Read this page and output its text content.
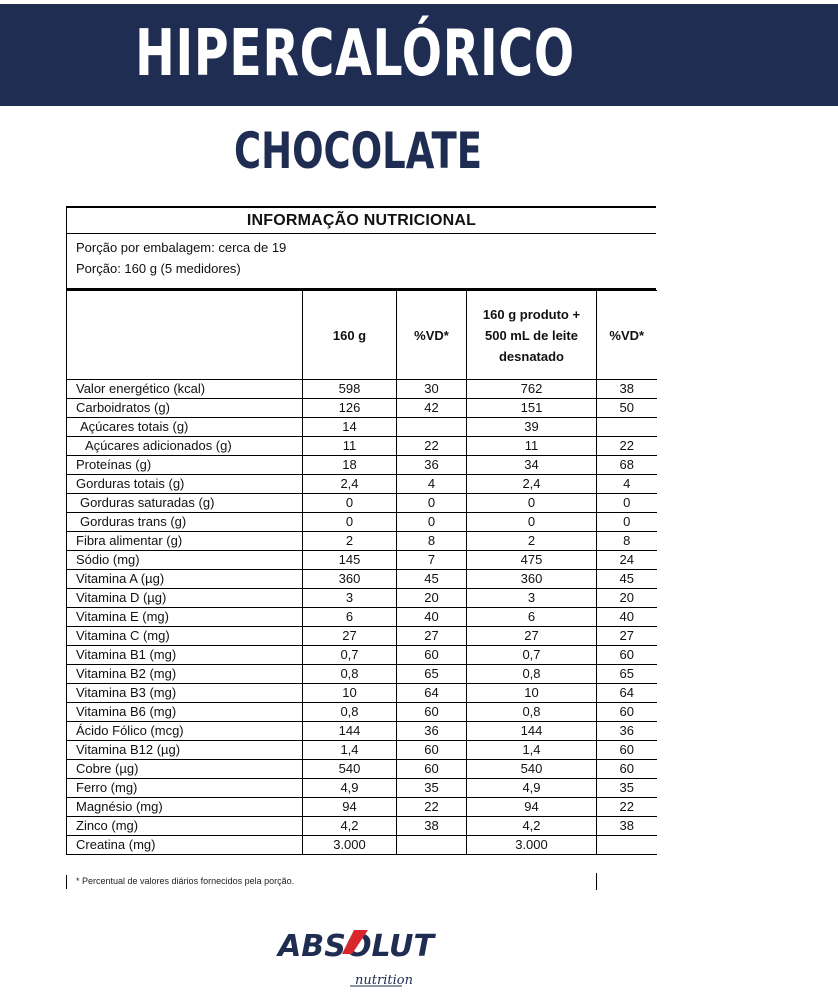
HIPERCALÓRICO
CHOCOLATE
INFORMAÇÃO NUTRICIONAL
Porção por embalagem: cerca de 19
Porção: 160 g (5 medidores)
	160 g	%VD*	160 g produto + 500 mL de leite desnatado	%VD*
Valor energético (kcal)	598	30	762	38
Carboidratos (g)	126	42	151	50
Açúcares totais (g)	14		39	
Açúcares adicionados (g)	11	22	11	22
Proteínas (g)	18	36	34	68
Gorduras totais (g)	2,4	4	2,4	4
Gorduras saturadas (g)	0	0	0	0
Gorduras trans (g)	0	0	0	0
Fibra alimentar (g)	2	8	2	8
Sódio (mg)	145	7	475	24
Vitamina A (µg)	360	45	360	45
Vitamina D (µg)	3	20	3	20
Vitamina E (mg)	6	40	6	40
Vitamina C (mg)	27	27	27	27
Vitamina B1 (mg)	0,7	60	0,7	60
Vitamina B2 (mg)	0,8	65	0,8	65
Vitamina B3 (mg)	10	64	10	64
Vitamina B6 (mg)	0,8	60	0,8	60
Ácido Fólico (mcg)	144	36	144	36
Vitamina B12 (µg)	1,4	60	1,4	60
Cobre (µg)	540	60	540	60
Ferro (mg)	4,9	35	4,9	35
Magnésio (mg)	94	22	94	22
Zinco (mg)	4,2	38	4,2	38
Creatina (mg)	3.000		3.000	
* Percentual de valores diários fornecidos pela porção.
nutrition
